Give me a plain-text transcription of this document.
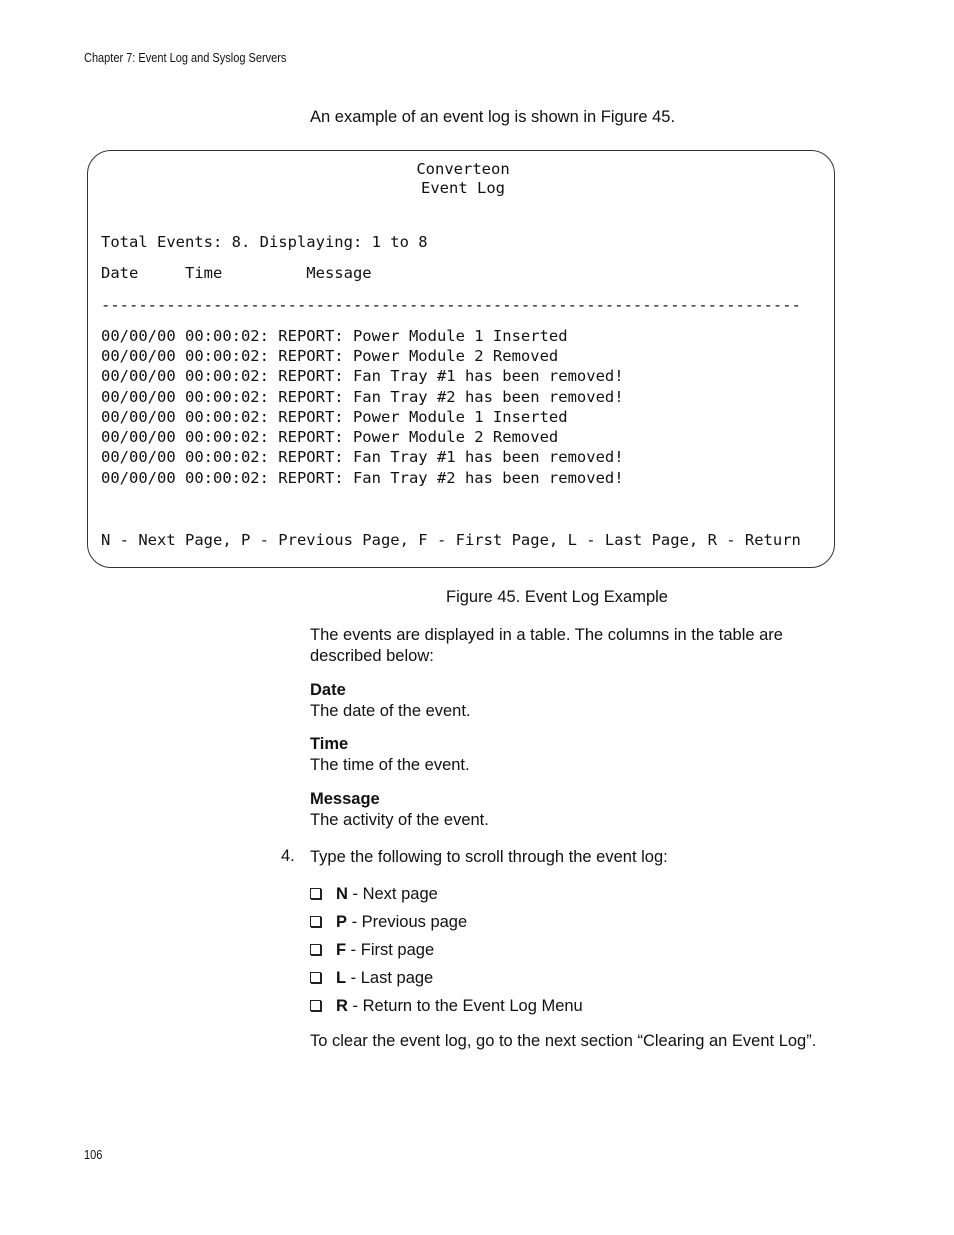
Chapter 7: Event Log and Syslog Servers
An example of an event log is shown in Figure 45.
Converteon
Event Log
Total Events: 8. Displaying: 1 to 8
Date     Time         Message
---------------------------------------------------------------------------
00/00/00 00:00:02: REPORT: Power Module 1 Inserted
00/00/00 00:00:02: REPORT: Power Module 2 Removed
00/00/00 00:00:02: REPORT: Fan Tray #1 has been removed!
00/00/00 00:00:02: REPORT: Fan Tray #2 has been removed!
00/00/00 00:00:02: REPORT: Power Module 1 Inserted
00/00/00 00:00:02: REPORT: Power Module 2 Removed
00/00/00 00:00:02: REPORT: Fan Tray #1 has been removed!
00/00/00 00:00:02: REPORT: Fan Tray #2 has been removed!
N - Next Page, P - Previous Page, F - First Page, L - Last Page, R - Return
Figure 45. Event Log Example
The events are displayed in a table. The columns in the table are described below:
Date
The date of the event.
Time
The time of the event.
Message
The activity of the event.
4. Type the following to scroll through the event log:
N - Next page
P - Previous page
F - First page
L - Last page
R - Return to the Event Log Menu
To clear the event log, go to the next section “Clearing an Event Log”.
106
